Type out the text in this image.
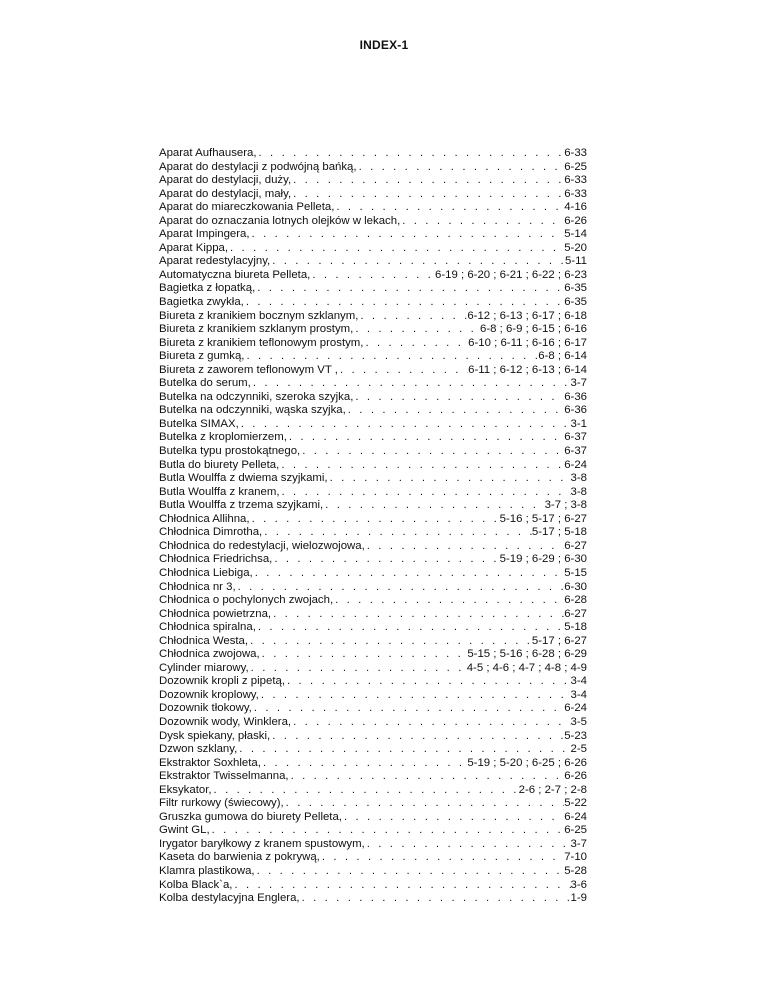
INDEX-1
Aparat Aufhausera, . . .	6-33
Aparat do destylacji z podwójną bańką, . . .	6-25
Aparat do destylacji, duży, . . .	6-33
Aparat do destylacji, mały, . . .	6-33
Aparat do miareczkowania Pelleta, . . .	4-16
Aparat do oznaczania lotnych olejków w lekach, . . .	6-26
Aparat Impingera, . . .	5-14
Aparat Kippa, . . .	5-20
Aparat redestylacyjny, . . .	5-11
Automatyczna biureta Pelleta, . . .	6-19 ; 6-20 ; 6-21 ; 6-22 ; 6-23
Bagietka z łopatką, . . .	6-35
Bagietka zwykła, . . .	6-35
Biureta z kranikiem bocznym szklanym, . . .	6-12 ; 6-13 ; 6-17 ; 6-18
Biureta z kranikiem szklanym prostym, . . .	6-8 ; 6-9 ; 6-15 ; 6-16
Biureta z kranikiem teflonowym prostym, . . .	6-10 ; 6-11 ; 6-16 ; 6-17
Biureta z gumką, . . .	6-8 ; 6-14
Biureta z zaworem teflonowym VT , . . .	6-11 ; 6-12 ; 6-13 ; 6-14
Butelka do serum, . . .	3-7
Butelka na odczynniki, szeroka szyjka, . . .	6-36
Butelka na odczynniki, wąska szyjka, . . .	6-36
Butelka SIMAX, . . .	3-1
Butelka z kroplomierzem, . . .	6-37
Butelka typu prostokątnego, . . .	6-37
Butla do biurety Pelleta, . . .	6-24
Butla Woulffa z dwiema szyjkami, . . .	3-8
Butla Woulffa z kranem, . . .	3-8
Butla Woulffa z trzema szyjkami, . . .	3-7 ; 3-8
Chłodnica Allihna, . . .	5-16 ; 5-17 ; 6-27
Chłodnica Dimrotha, . . .	5-17 ; 5-18
Chłodnica do redestylacji, wielozwojowa, . . .	6-27
Chłodnica Friedrichsa, . . .	5-19 ; 6-29 ; 6-30
Chłodnica Liebiga, . . .	5-15
Chłodnica nr 3, . . .	6-30
Chłodnica o pochylonych zwojach, . . .	6-28
Chłodnica powietrzna, . . .	6-27
Chłodnica spiralna, . . .	5-18
Chłodnica Westa, . . .	5-17 ; 6-27
Chłodnica zwojowa, . . .	5-15 ; 5-16 ; 6-28 ; 6-29
Cylinder miarowy, . . .	4-5 ; 4-6 ; 4-7 ; 4-8 ; 4-9
Dozownik kropli z pipetą, . . .	3-4
Dozownik kroplowy, . . .	3-4
Dozownik tłokowy, . . .	6-24
Dozownik wody, Winklera, . . .	3-5
Dysk spiekany, płaski, . . .	5-23
Dzwon szklany, . . .	2-5
Ekstraktor Soxhleta, . . .	5-19 ; 5-20 ; 6-25 ; 6-26
Ekstraktor Twisselmanna, . . .	6-26
Eksykator, . . .	2-6 ; 2-7 ; 2-8
Filtr rurkowy (świecowy), . . .	5-22
Gruszka gumowa do biurety Pelleta, . . .	6-24
Gwint GL, . . .	6-25
Irygator baryłkowy z kranem spustowym, . . .	3-7
Kaseta do barwienia z pokrywą, . . .	7-10
Klamra plastikowa, . . .	5-28
Kolba Black`a, . . .	3-6
Kolba destylacyjna Englera, . . .	1-9
